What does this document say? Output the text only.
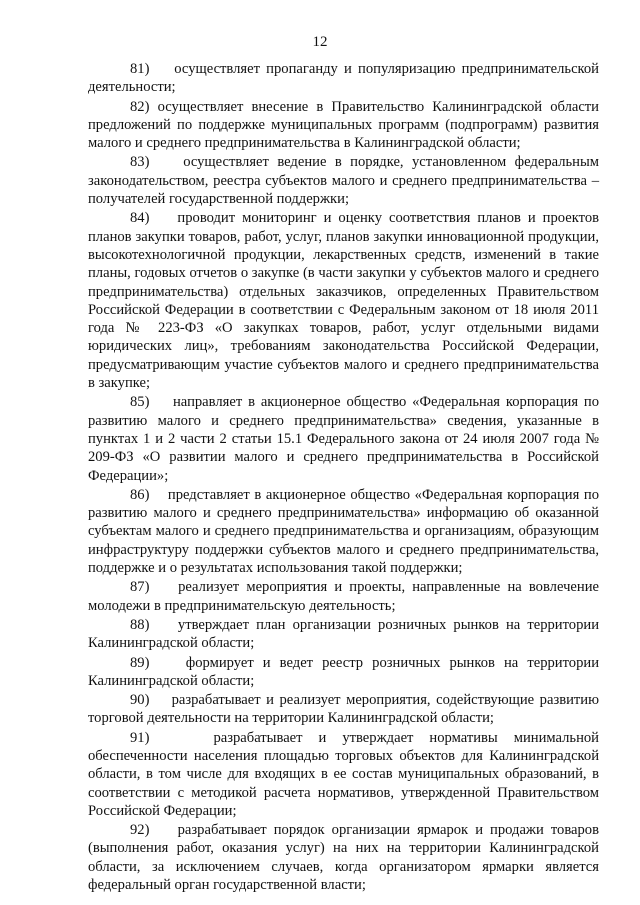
12

81) осуществляет пропаганду и популяризацию предпринимательской деятельности;

82) осуществляет внесение в Правительство Калининградской области предложений по поддержке муниципальных программ (подпрограмм) развития малого и среднего предпринимательства в Калининградской области;

83) осуществляет ведение в порядке, установленном федеральным законодательством, реестра субъектов малого и среднего предпринимательства – получателей государственной поддержки;

84) проводит мониторинг и оценку соответствия планов и проектов планов закупки товаров, работ, услуг, планов закупки инновационной продукции, высокотехнологичной продукции, лекарственных средств, изменений в такие планы, годовых отчетов о закупке (в части закупки у субъектов малого и среднего предпринимательства) отдельных заказчиков, определенных Правительством Российской Федерации в соответствии с Федеральным законом от 18 июля 2011 года № 223-ФЗ «О закупках товаров, работ, услуг отдельными видами юридических лиц», требованиям законодательства Российской Федерации, предусматривающим участие субъектов малого и среднего предпринимательства в закупке;

85) направляет в акционерное общество «Федеральная корпорация по развитию малого и среднего предпринимательства» сведения, указанные в пунктах 1 и 2 части 2 статьи 15.1 Федерального закона от 24 июля 2007 года № 209-ФЗ «О развитии малого и среднего предпринимательства в Российской Федерации»;

86) представляет в акционерное общество «Федеральная корпорация по развитию малого и среднего предпринимательства» информацию об оказанной субъектам малого и среднего предпринимательства и организациям, образующим инфраструктуру поддержки субъектов малого и среднего предпринимательства, поддержке и о результатах использования такой поддержки;

87) реализует мероприятия и проекты, направленные на вовлечение молодежи в предпринимательскую деятельность;

88) утверждает план организации розничных рынков на территории Калининградской области;

89) формирует и ведет реестр розничных рынков на территории Калининградской области;

90) разрабатывает и реализует мероприятия, содействующие развитию торговой деятельности на территории Калининградской области;

91)	разрабатывает и утверждает нормативы минимальной обеспеченности населения площадью торговых объектов для Калининградской области, в том числе для входящих в ее состав муниципальных образований, в соответствии с методикой расчета нормативов, утвержденной Правительством Российской Федерации;

92) разрабатывает порядок организации ярмарок и продажи товаров (выполнения работ, оказания услуг) на них на территории Калининградской области, за исключением случаев, когда организатором ярмарки является федеральный орган государственной власти;
